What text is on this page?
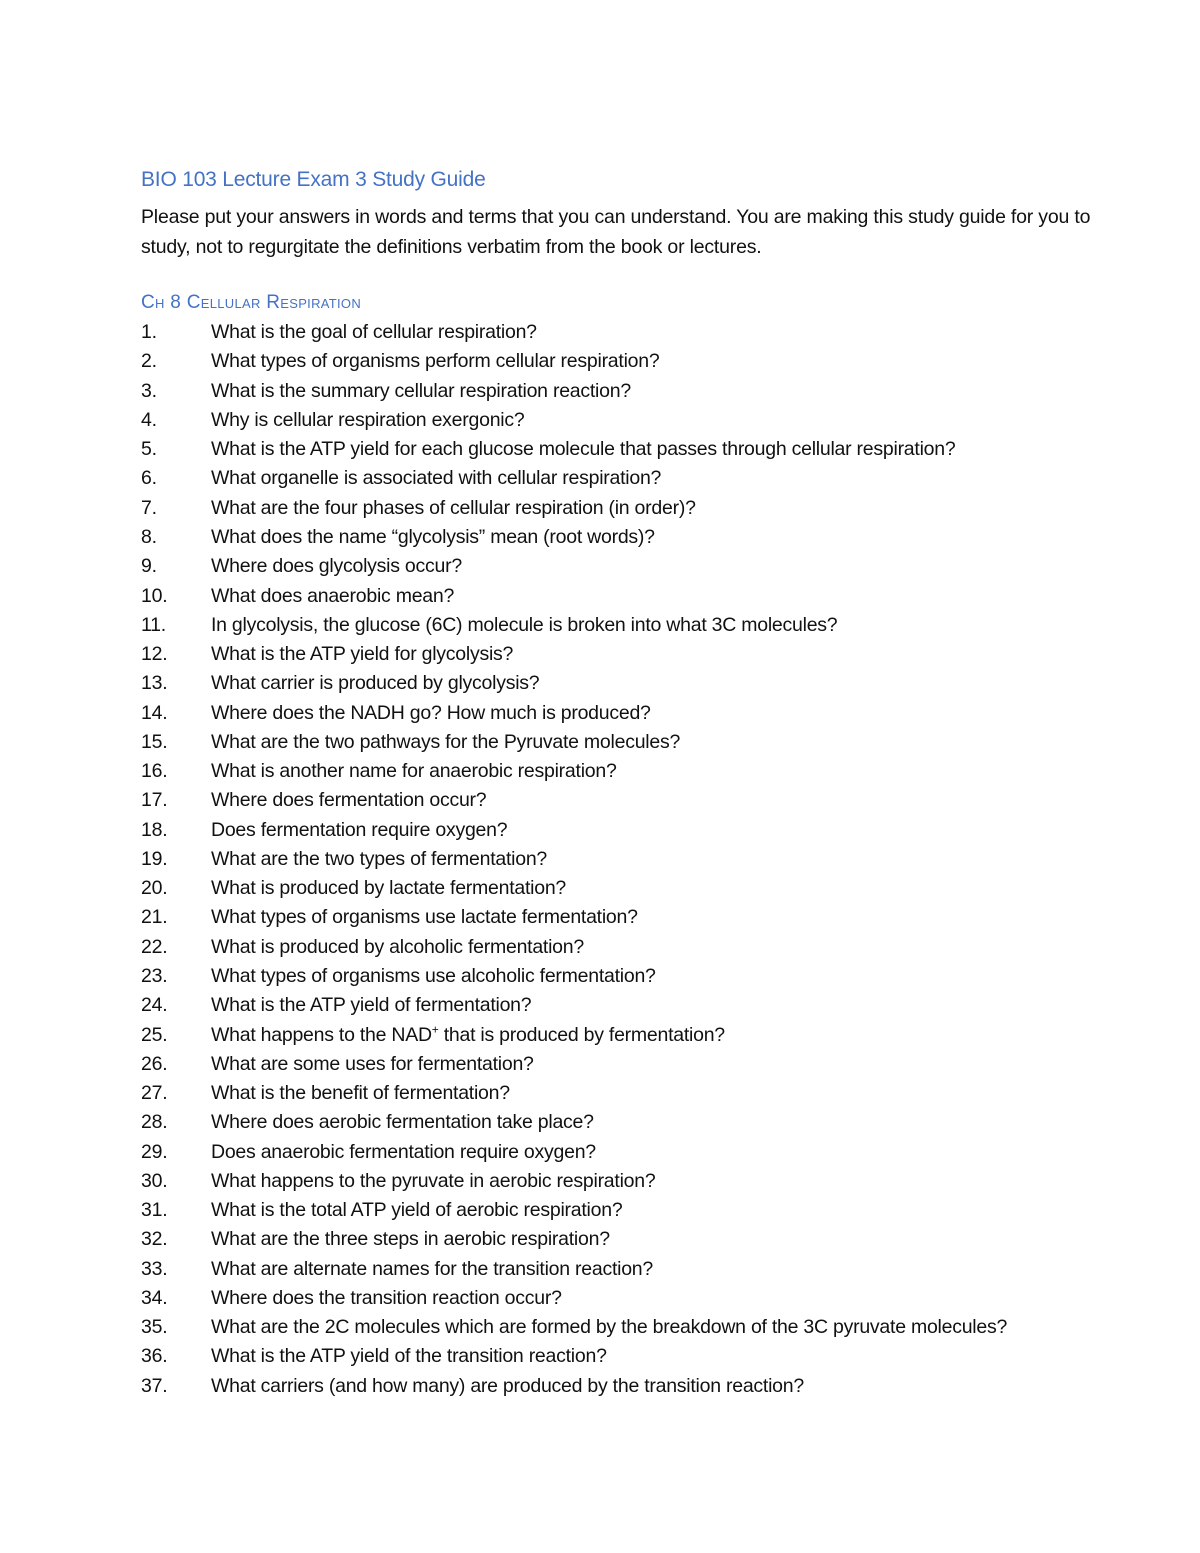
BIO 103 Lecture Exam 3 Study Guide
Please put your answers in words and terms that you can understand. You are making this study guide for you to study, not to regurgitate the definitions verbatim from the book or lectures.
Ch 8 Cellular Respiration
1.	What is the goal of cellular respiration?
2.	What types of organisms perform cellular respiration?
3.	What is the summary cellular respiration reaction?
4.	Why is cellular respiration exergonic?
5.	What is the ATP yield for each glucose molecule that passes through cellular respiration?
6.	What organelle is associated with cellular respiration?
7.	What are the four phases of cellular respiration (in order)?
8.	What does the name “glycolysis” mean (root words)?
9.	Where does glycolysis occur?
10.	What does anaerobic mean?
11.	In glycolysis, the glucose (6C) molecule is broken into what 3C molecules?
12.	What is the ATP yield for glycolysis?
13.	What carrier is produced by glycolysis?
14.	Where does the NADH go? How much is produced?
15.	What are the two pathways for the Pyruvate molecules?
16.	What is another name for anaerobic respiration?
17.	Where does fermentation occur?
18.	Does fermentation require oxygen?
19.	What are the two types of fermentation?
20.	What is produced by lactate fermentation?
21.	What types of organisms use lactate fermentation?
22.	What is produced by alcoholic fermentation?
23.	What types of organisms use alcoholic fermentation?
24.	What is the ATP yield of fermentation?
25.	What happens to the NAD+ that is produced by fermentation?
26.	What are some uses for fermentation?
27.	What is the benefit of fermentation?
28.	Where does aerobic fermentation take place?
29.	Does anaerobic fermentation require oxygen?
30.	What happens to the pyruvate in aerobic respiration?
31.	What is the total ATP yield of aerobic respiration?
32.	What are the three steps in aerobic respiration?
33.	What are alternate names for the transition reaction?
34.	Where does the transition reaction occur?
35.	What are the 2C molecules which are formed by the breakdown of the 3C pyruvate molecules?
36.	What is the ATP yield of the transition reaction?
37.	What carriers (and how many) are produced by the transition reaction?
